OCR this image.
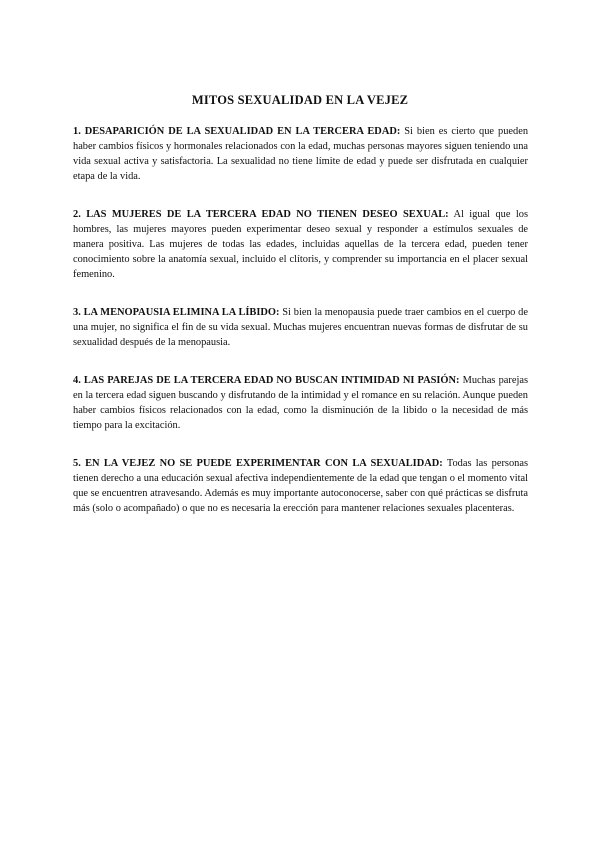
MITOS SEXUALIDAD EN LA VEJEZ

1. DESAPARICIÓN DE LA SEXUALIDAD EN LA TERCERA EDAD: Si bien es cierto que pueden haber cambios físicos y hormonales relacionados con la edad, muchas personas mayores siguen teniendo una vida sexual activa y satisfactoria. La sexualidad no tiene límite de edad y puede ser disfrutada en cualquier etapa de la vida.

2. LAS MUJERES DE LA TERCERA EDAD NO TIENEN DESEO SEXUAL: Al igual que los hombres, las mujeres mayores pueden experimentar deseo sexual y responder a estímulos sexuales de manera positiva. Las mujeres de todas las edades, incluidas aquellas de la tercera edad, pueden tener conocimiento sobre la anatomía sexual, incluido el clítoris, y comprender su importancia en el placer sexual femenino.

3. LA MENOPAUSIA ELIMINA LA LÍBIDO: Si bien la menopausia puede traer cambios en el cuerpo de una mujer, no significa el fin de su vida sexual. Muchas mujeres encuentran nuevas formas de disfrutar de su sexualidad después de la menopausia.

4. LAS PAREJAS DE LA TERCERA EDAD NO BUSCAN INTIMIDAD NI PASIÓN: Muchas parejas en la tercera edad siguen buscando y disfrutando de la intimidad y el romance en su relación. Aunque pueden haber cambios físicos relacionados con la edad, como la disminución de la libido o la necesidad de más tiempo para la excitación.

5. EN LA VEJEZ NO SE PUEDE EXPERIMENTAR CON LA SEXUALIDAD: Todas las personas tienen derecho a una educación sexual afectiva independientemente de la edad que tengan o el momento vital que se encuentren atravesando. Además es muy importante autoconocerse, saber con qué prácticas se disfruta más (solo o acompañado) o que no es necesaria la erección para mantener relaciones sexuales placenteras.
